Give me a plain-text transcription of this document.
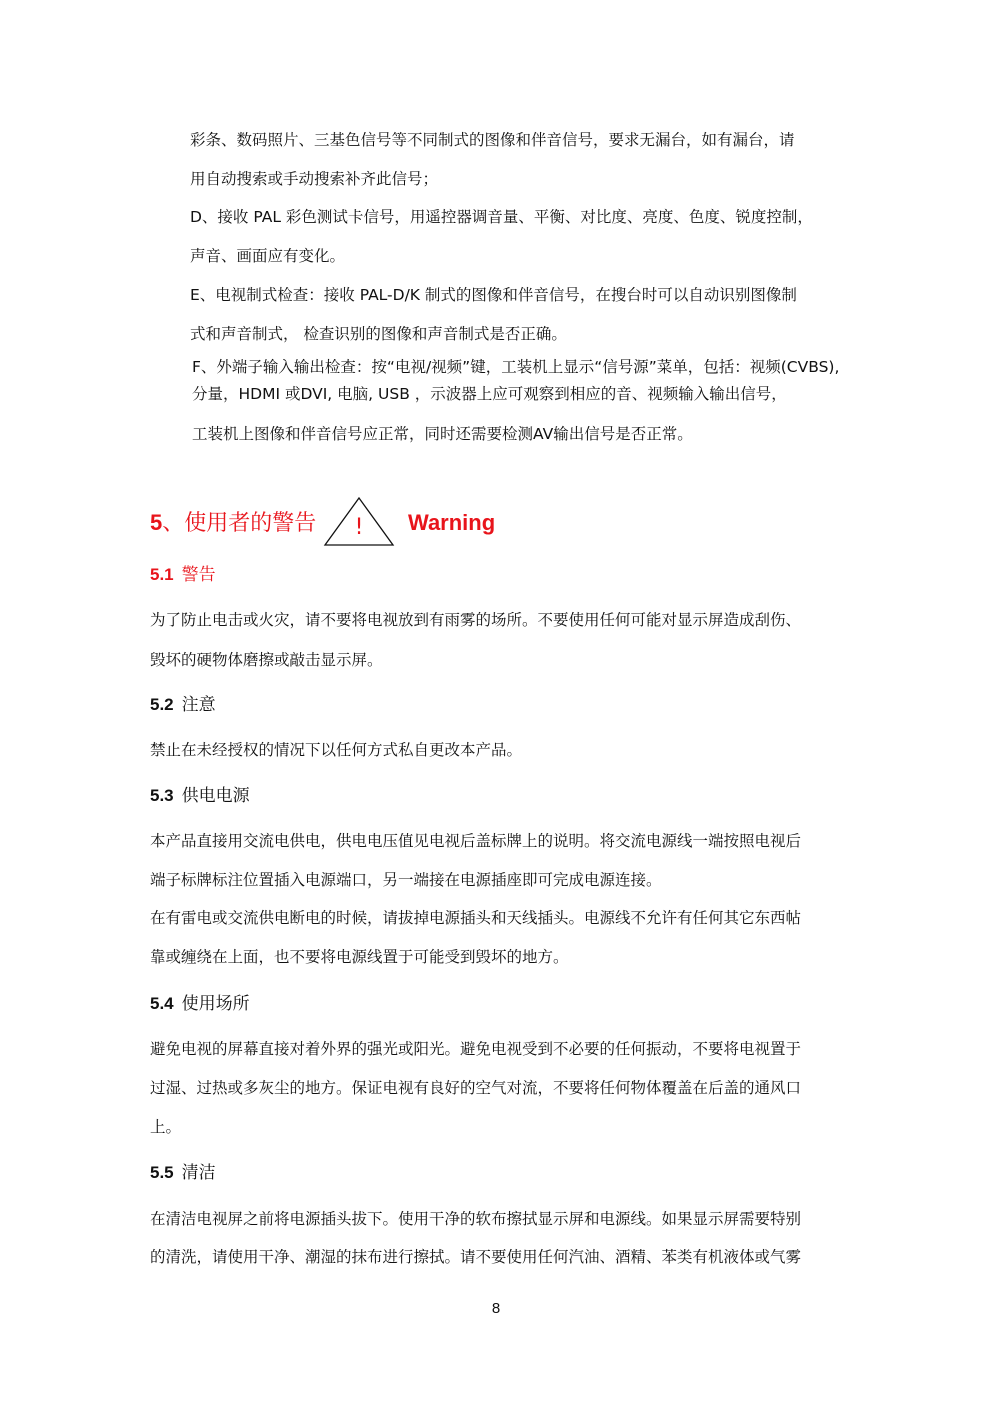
彩条、数码照片、三基色信号等不同制式的图像和伴音信号，要求无漏台，如有漏台，请
用自动搜索或手动搜索补齐此信号；
D、接收 PAL 彩色测试卡信号，用遥控器调音量、平衡、对比度、亮度、色度、锐度控制，
声音、画面应有变化。
E、电视制式检查：接收 PAL-D/K 制式的图像和伴音信号，在搜台时可以自动识别图像制
式和声音制式， 检查识别的图像和声音制式是否正确。
F、外端子输入输出检查：按“电视/视频”键，工装机上显示“信号源”菜单，包括：视频(CVBS),
分量，HDMI 或DVI, 电脑, USB ，示波器上应可观察到相应的音、视频输入输出信号，
工装机上图像和伴音信号应正常，同时还需要检测AV输出信号是否正常。
5、使用者的警告 ! Warning
5.1 警告
为了防止电击或火灾，请不要将电视放到有雨雾的场所。不要使用任何可能对显示屏造成刮伤、
毁坏的硬物体磨擦或敲击显示屏。
5.2 注意
禁止在未经授权的情况下以任何方式私自更改本产品。
5.3 供电电源
本产品直接用交流电供电，供电电压值见电视后盖标牌上的说明。将交流电源线一端按照电视后
端子标牌标注位置插入电源端口，另一端接在电源插座即可完成电源连接。
在有雷电或交流供电断电的时候，请拔掉电源插头和天线插头。电源线不允许有任何其它东西帖
靠或缠绕在上面，也不要将电源线置于可能受到毁坏的地方。
5.4 使用场所
避免电视的屏幕直接对着外界的强光或阳光。避免电视受到不必要的任何振动，不要将电视置于
过湿、过热或多灰尘的地方。保证电视有良好的空气对流，不要将任何物体覆盖在后盖的通风口
上。
5.5 清洁
在清洁电视屏之前将电源插头拔下。使用干净的软布擦拭显示屏和电源线。如果显示屏需要特别
的清洗，请使用干净、潮湿的抹布进行擦拭。请不要使用任何汽油、酒精、苯类有机液体或气雾
8
